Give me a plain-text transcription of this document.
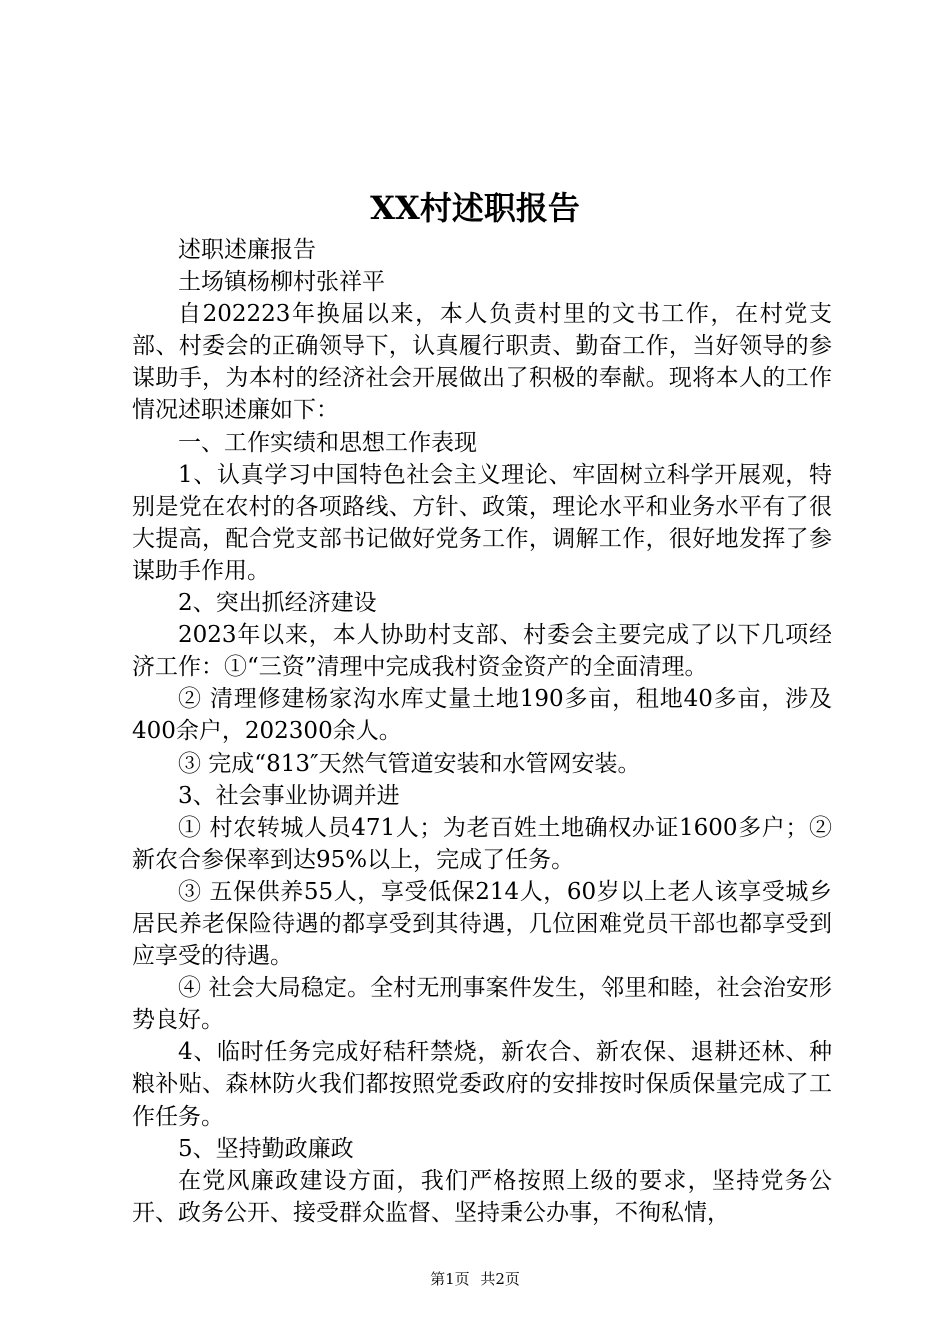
XX村述职报告

述职述廉报告

土场镇杨柳村张祥平

自202223年换届以来，本人负责村里的文书工作，在村党支部、村委会的正确领导下，认真履行职责、勤奋工作，当好领导的参谋助手，为本村的经济社会开展做出了积极的奉献。现将本人的工作情况述职述廉如下：

一、工作实绩和思想工作表现

1、认真学习中国特色社会主义理论、牢固树立科学开展观，特别是党在农村的各项路线、方针、政策，理论水平和业务水平有了很大提高，配合党支部书记做好党务工作，调解工作，很好地发挥了参谋助手作用。

2、突出抓经济建设

2023年以来，本人协助村支部、村委会主要完成了以下几项经济工作：①“三资”清理中完成我村资金资产的全面清理。

② 清理修建杨家沟水库丈量土地190多亩，租地40多亩，涉及400余户，202300余人。

③ 完成“813″天然气管道安装和水管网安装。

3、社会事业协调并进

① 村农转城人员471人；为老百姓土地确权办证1600多户；②新农合参保率到达95%以上，完成了任务。

③ 五保供养55人，享受低保214人，60岁以上老人该享受城乡居民养老保险待遇的都享受到其待遇，几位困难党员干部也都享受到应享受的待遇。

④ 社会大局稳定。全村无刑事案件发生，邻里和睦，社会治安形势良好。

4、临时任务完成好秸秆禁烧，新农合、新农保、退耕还林、种粮补贴、森林防火我们都按照党委政府的安排按时保质保量完成了工作任务。

5、坚持勤政廉政

在党风廉政建设方面，我们严格按照上级的要求，坚持党务公开、政务公开、接受群众监督、坚持秉公办事，不徇私情，

第1页 共2页
